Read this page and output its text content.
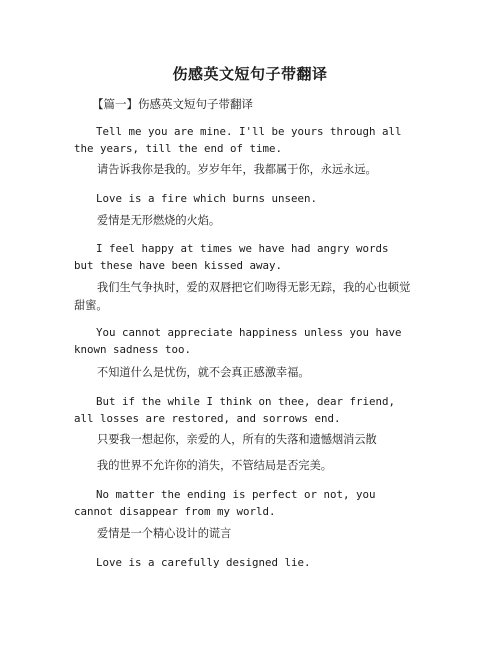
伤感英文短句子带翻译
【篇一】伤感英文短句子带翻译
Tell me you are mine. I'll be yours through all the years, till the end of time.
请告诉我你是我的。岁岁年年，我都属于你，永远永远。
Love is a fire which burns unseen.
爱情是无形燃烧的火焰。
I feel happy at times we have had angry words but these have been kissed away.
我们生气争执时，爱的双唇把它们吻得无影无踪，我的心也顿觉甜蜜。
You cannot appreciate happiness unless you have known sadness too.
不知道什么是忧伤，就不会真正感激幸福。
But if the while I think on thee, dear friend, all losses are restored, and sorrows end.
只要我一想起你，亲爱的人，所有的失落和遗憾烟消云散
我的世界不允许你的消失，不管结局是否完美。
No matter the ending is perfect or not, you cannot disappear from my world.
爱情是一个精心设计的谎言
Love is a carefully designed lie.
